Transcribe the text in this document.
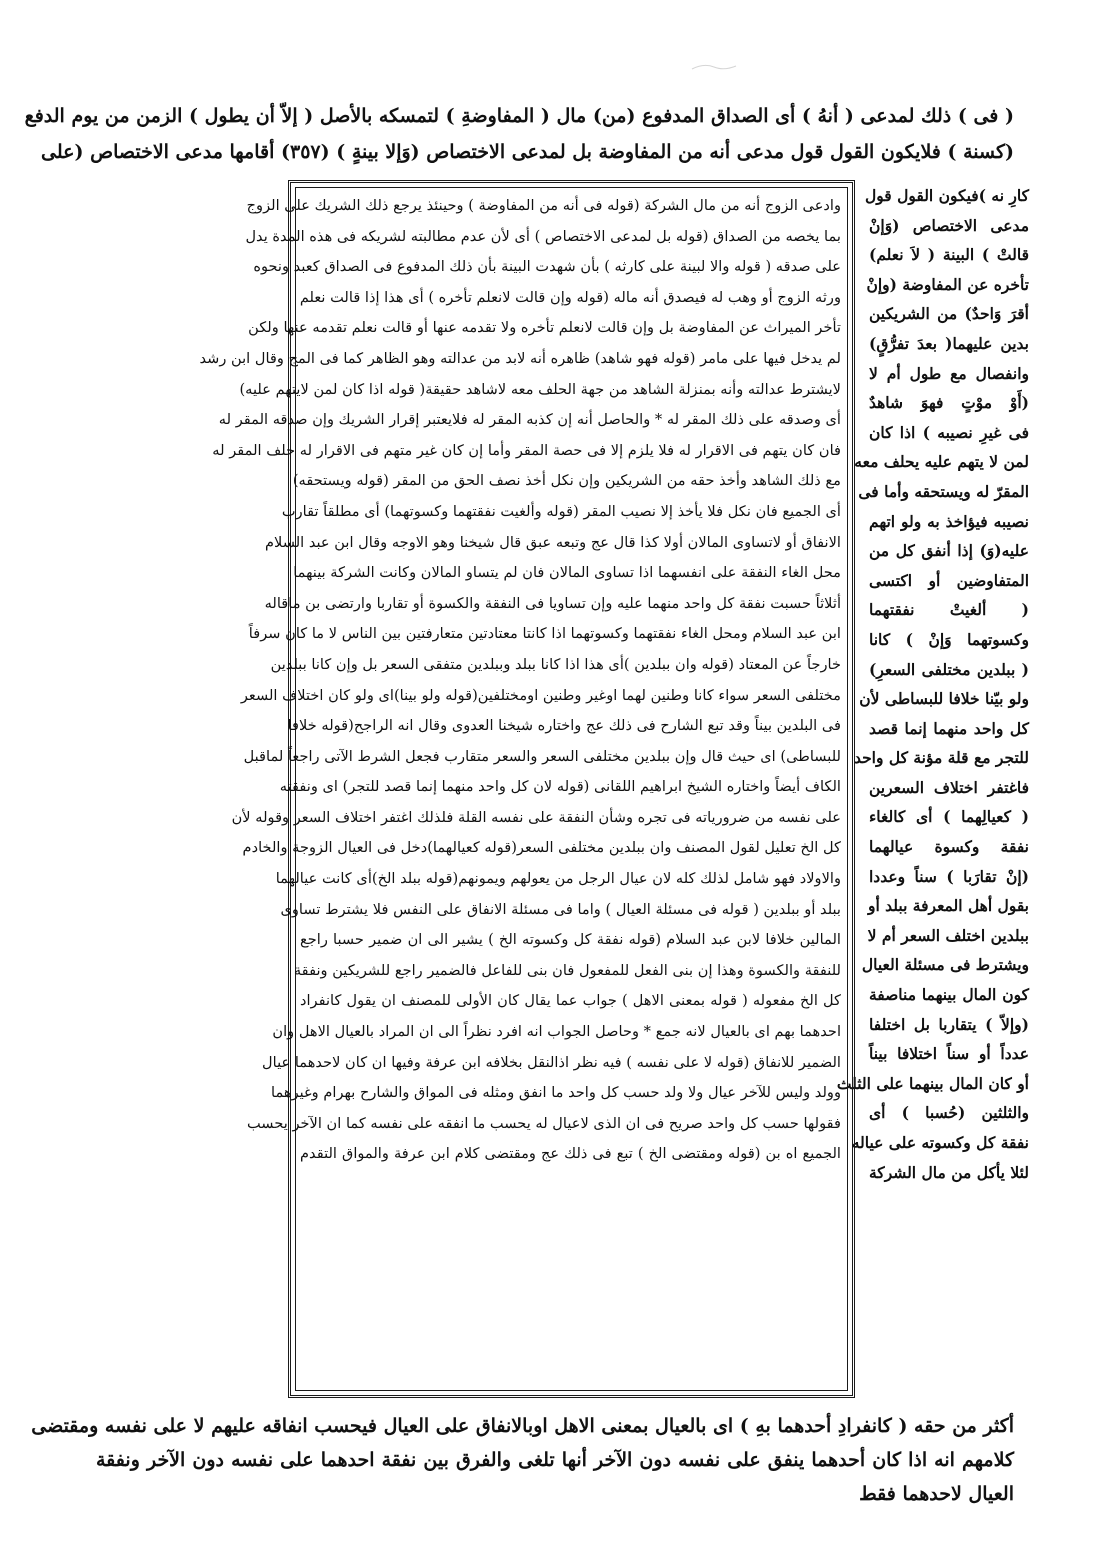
( فى ) ذلك لمدعى ( أنهُ ) أى الصداق المدفوع (من) مال ( المفاوضةِ ) لتمسكه بالأصل ( إلاّ أن يطول ) الزمن من يوم الدفع
(كسنة ) فلايكون القول قول مدعى أنه من المفاوضة بل لمدعى الاختصاص (وَإلا بينةٍ ) (٣٥٧) أقامها مدعى الاختصاص (على
كارِ نه )فيكون القول قول
مدعى الاختصاص (وَإنْ
قالتْ ) البينة ( لاَ نعلم)
تأخره عن المفاوضة (وإنْ
أقرَ وَاحدٌ) من الشريكين
بدين عليهما( بعدَ تفرُّقٍ)
وانفصال مع طول أم لا
(أَوْ موْتٍ فهوَ شاهدٌ
فى غيرِ نصيبه ) اذا كان
لمن لا يتهم عليه يحلف معه
المقرّ له ويستحقه وأما فى
نصيبه فيؤاخذ به ولو اتهم
عليه(وَ) إذا أنفق كل من
المتفاوضين أو اكتسى
( ألغيتْ نفقتهما
وكسوتهما وَإنْ ) كانا
( ببلدين مختلفى السعرِ)
ولو بيّنا خلافا للبساطى لأن
كل واحد منهما إنما قصد
للتجر مع قلة مؤنة كل واحد
فاغتفر اختلاف السعرين
( كعيالِهما ) أى كالغاء
نفقة وكسوة عيالهما
(إنْ تقارَبا ) سناً وعددا
بقول أهل المعرفة ببلد أو
ببلدين اختلف السعر أم لا
ويشترط فى مسئلة العيال
كون المال بينهما مناصفة
(وإلاّ ) يتقاربا بل اختلفا
عدداً أو سناً اختلافا بيناً
أو كان المال بينهما على الثلث
والثلثين (حُسبا ) أى
نفقة كل وكسوته على عياله
لئلا يأكل من مال الشركة
وادعى الزوج أنه من مال الشركة (قوله فى أنه من المفاوضة ) وحينئذ يرجع ذلك الشريك على الزوج
بما يخصه من الصداق (قوله بل لمدعى الاختصاص ) أى لأن عدم مطالبته لشريكه فى هذه المدة يدل
على صدقه ( قوله والا لبينة على كارثه ) بأن شهدت البينة بأن ذلك المدفوع فى الصداق كعبد ونحوه
ورثه الزوج أو وهب له فيصدق أنه ماله (قوله وإن قالت لانعلم تأخره ) أى هذا إذا قالت نعلم
تأخر الميراث عن المفاوضة بل وإن قالت لانعلم تأخره ولا تقدمه عنها أو قالت نعلم تقدمه عنها ولكن
لم يدخل فيها على مامر (قوله فهو شاهد) ظاهره أنه لابد من عدالته وهو الظاهر كما فى المج وقال ابن رشد
لايشترط عدالته وأنه بمنزلة الشاهد من جهة الحلف معه لاشاهد حقيقة( قوله اذا كان لمن لايتهم عليه)
أى وصدقه على ذلك المقر له * والحاصل أنه إن كذبه المقر له فلايعتبر إقرار الشريك وإن صدقه المقر له
فان كان يتهم فى الاقرار له فلا يلزم إلا فى حصة المقر وأما إن كان غير متهم فى الاقرار له حلف المقر له
مع ذلك الشاهد وأخذ حقه من الشريكين وإن نكل أخذ نصف الحق من المقر (قوله ويستحقه)
أى الجميع فان نكل فلا يأخذ إلا نصيب المقر (قوله وألغيت نفقتهما وكسوتهما) أى مطلقاً تقارب
الانفاق أو لاتساوى المالان أولا كذا قال عج وتبعه عبق قال شيخنا وهو الاوجه وقال ابن عبد السلام
محل الغاء النفقة على انفسهما اذا تساوى المالان فان لم يتساو المالان وكانت الشركة بينهما
أثلاثاً حسبت نفقة كل واحد منهما عليه وإن تساويا فى النفقة والكسوة أو تقاربا وارتضى بن ماقاله
ابن عبد السلام ومحل الغاء نفقتهما وكسوتهما اذا كانتا معتادتين متعارفتين بين الناس لا ما كان سرفاً
خارجاً عن المعتاد (قوله وان ببلدين )أى هذا اذا كانا ببلد وببلدين متفقى السعر بل وإن كانا ببلدين
مختلفى السعر سواء كانا وطنين لهما اوغير وطنين اومختلفين(قوله ولو بينا)اى ولو كان اختلاف السعر
فى البلدين بيناً وقد تبع الشارح فى ذلك عج واختاره شيخنا العدوى وقال انه الراجح(قوله خلافا
للبساطى) اى حيث قال وإن ببلدين مختلفى السعر والسعر متقارب فجعل الشرط الآتى راجعاً لماقبل
الكاف أيضاً واختاره الشيخ ابراهيم اللقانى (قوله لان كل واحد منهما إنما قصد للتجر) اى ونفقته
على نفسه من ضرورياته فى تجره وشأن النفقة على نفسه القلة فلذلك اغتفر اختلاف السعر وقوله لأن
كل الخ تعليل لقول المصنف وان ببلدين مختلفى السعر(قوله كعيالهما)دخل فى العيال الزوجة والخادم
والاولاد فهو شامل لذلك كله لان عيال الرجل من يعولهم ويمونهم(قوله ببلد الخ)أى كانت عيالهما
ببلد أو ببلدين ( قوله فى مسئلة العيال ) واما فى مسئلة الانفاق على النفس فلا يشترط تساوى
المالين خلافا لابن عبد السلام (قوله نفقة كل وكسوته الخ ) يشير الى ان ضمير حسبا راجع
للنفقة والكسوة وهذا إن بنى الفعل للمفعول فان بنى للفاعل فالضمير راجع للشريكين ونفقة
كل الخ مفعوله ( قوله بمعنى الاهل ) جواب عما يقال كان الأولى للمصنف ان يقول كانفراد
احدهما بهم اى بالعيال لانه جمع * وحاصل الجواب انه افرد نظراً الى ان المراد بالعيال الاهل وان
الضمير للانفاق (قوله لا على نفسه ) فيه نظر اذالنقل بخلافه ابن عرفة وفيها ان كان لاحدهما عيال
وولد وليس للآخر عيال ولا ولد حسب كل واحد ما انفق ومثله فى المواق والشارح بهرام وغيرهما
فقولها حسب كل واحد صريح فى ان الذى لاعيال له يحسب ما انفقه على نفسه كما ان الآخر يحسب
الجميع اه بن (قوله ومقتضى الخ ) تبع فى ذلك عج ومقتضى كلام ابن عرفة والمواق التقدم
أكثر من حقه ( كانفرادِ أحدهما بهِ ) اى بالعيال بمعنى الاهل اوبالانفاق على العيال فيحسب انفاقه عليهم لا على نفسه ومقتضى
كلامهم انه اذا كان أحدهما ينفق على نفسه دون الآخر أنها تلغى والفرق بين نفقة احدهما على نفسه دون الآخر ونفقة
العيال لاحدهما فقط
